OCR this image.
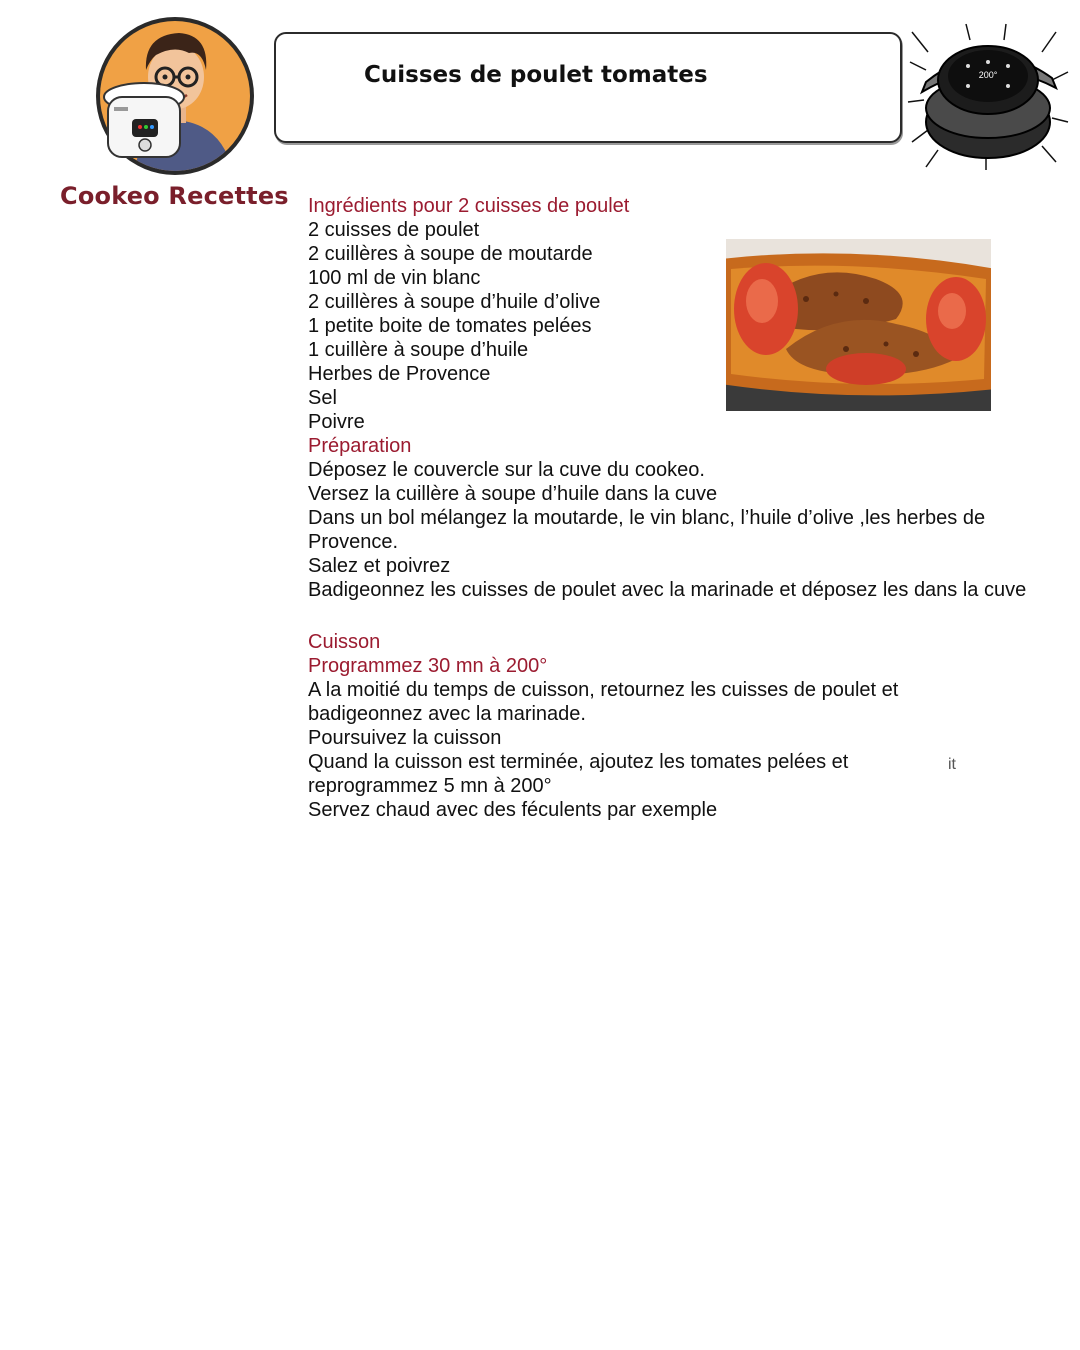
Cookeo Recettes
Cuisses de poulet tomates	200°
Ingrédients pour 2 cuisses de poulet
2 cuisses de poulet
2 cuillères à soupe de moutarde
100 ml de vin blanc
2 cuillères à soupe d’huile d’olive
1 petite boite de tomates pelées
1 cuillère à soupe d’huile
Herbes de Provence
Sel
Poivre
Préparation
Déposez le couvercle sur la cuve du cookeo.
Versez la cuillère à soupe d’huile dans la cuve
Dans un bol mélangez la moutarde, le vin blanc, l’huile d’olive ,les herbes de Provence.
Salez et poivrez
Badigeonnez les cuisses de poulet avec la marinade et déposez les dans la cuve
Cuisson
Programmez 30 mn à 200°
A la moitié du temps de cuisson, retournez les cuisses de poulet et badigeonnez avec la marinade.
Poursuivez la cuisson
Quand la cuisson est terminée, ajoutez les tomates pelées et reprogrammez 5 mn à 200°
Servez chaud avec des féculents par exemple
it
